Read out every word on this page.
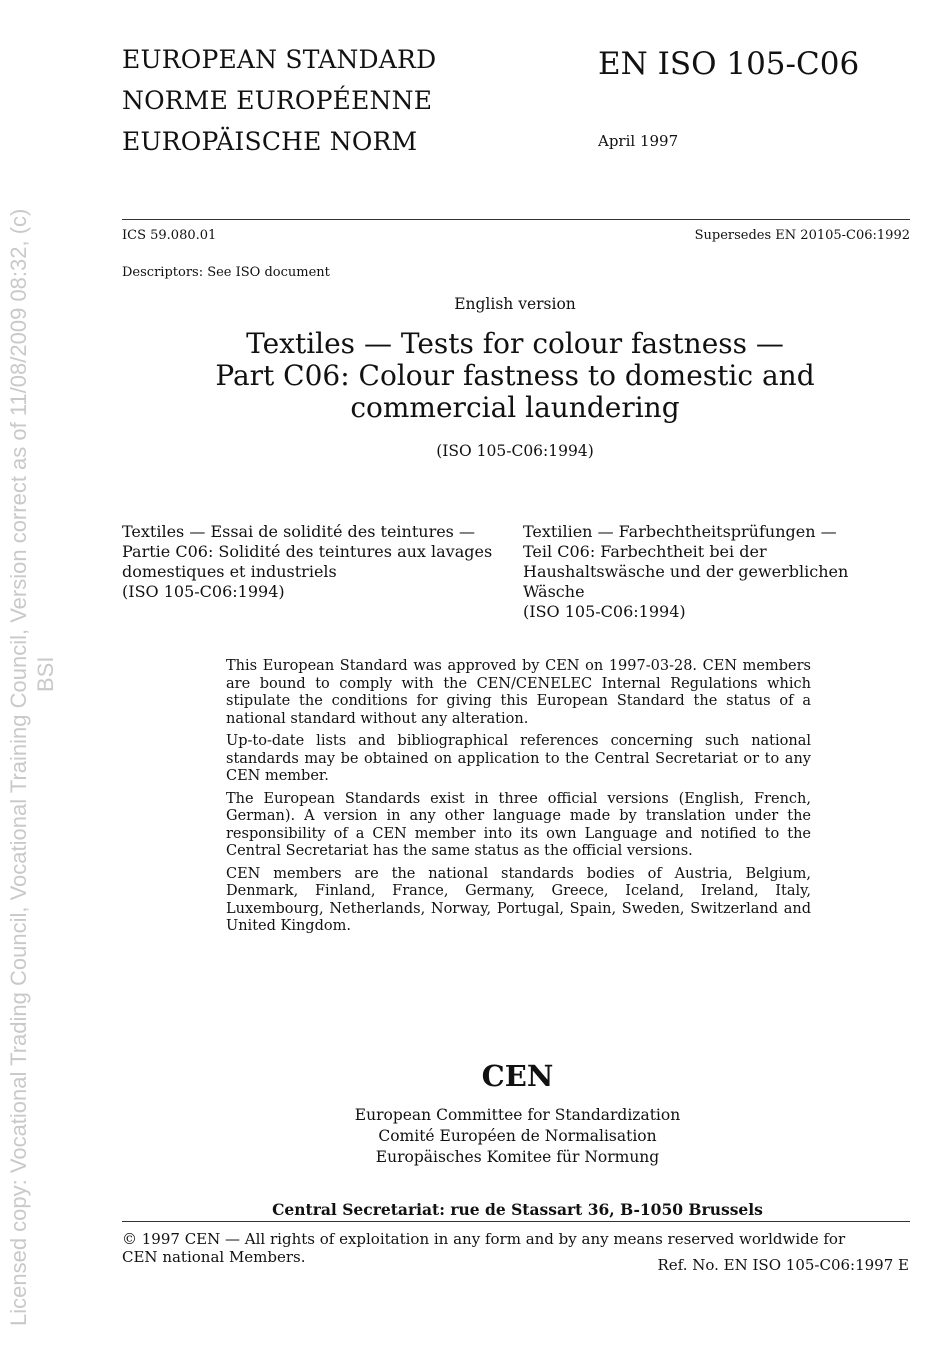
Licensed copy: Vocational Trading Council, Vocational Training Council, Version correct as of 11/08/2009 08:32, (c) BSI
EUROPEAN STANDARD
NORME EUROPÉENNE
EUROPÄISCHE NORM
EN ISO 105-C06
April 1997
ICS 59.080.01	Supersedes EN 20105-C06:1992
Descriptors: See ISO document
English version
Textiles — Tests for colour fastness —
Part C06: Colour fastness to domestic and
commercial laundering
(ISO 105-C06:1994)
Textiles — Essai de solidité des teintures —
Partie C06: Solidité des teintures aux lavages
domestiques et industriels
(ISO 105-C06:1994)
Textilien — Farbechtheitsprüfungen —
Teil C06: Farbechtheit bei der
Haushaltswäsche und der gewerblichen
Wäsche
(ISO 105-C06:1994)

This European Standard was approved by CEN on 1997-03-28. CEN members are bound to comply with the CEN/CENELEC Internal Regulations which stipulate the conditions for giving this European Standard the status of a national standard without any alteration.

Up-to-date lists and bibliographical references concerning such national standards may be obtained on application to the Central Secretariat or to any CEN member.

The European Standards exist in three official versions (English, French, German). A version in any other language made by translation under the responsibility of a CEN member into its own Language and notified to the Central Secretariat has the same status as the official versions.

CEN members are the national standards bodies of Austria, Belgium, Denmark, Finland, France, Germany, Greece, Iceland, Ireland, Italy, Luxembourg, Netherlands, Norway, Portugal, Spain, Sweden, Switzerland and United Kingdom.

CEN
European Committee for Standardization
Comité Européen de Normalisation
Europäisches Komitee für Normung
Central Secretariat: rue de Stassart 36, B-1050 Brussels
© 1997 CEN — All rights of exploitation in any form and by any means reserved worldwide for CEN national Members.	Ref. No. EN ISO 105-C06:1997 E
